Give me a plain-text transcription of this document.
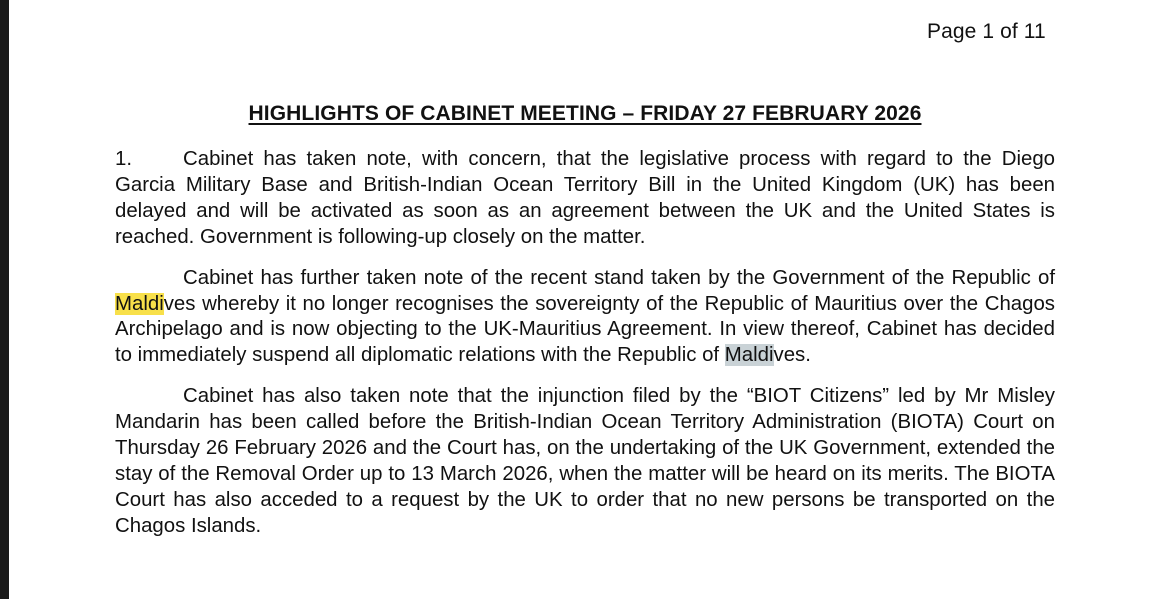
Page 1 of 11
HIGHLIGHTS OF CABINET MEETING – FRIDAY 27 FEBRUARY 2026

1. Cabinet has taken note, with concern, that the legislative process with regard to the Diego Garcia Military Base and British-Indian Ocean Territory Bill in the United Kingdom (UK) has been delayed and will be activated as soon as an agreement between the UK and the United States is reached. Government is following-up closely on the matter.

Cabinet has further taken note of the recent stand taken by the Government of the Republic of Maldives whereby it no longer recognises the sovereignty of the Republic of Mauritius over the Chagos Archipelago and is now objecting to the UK-Mauritius Agreement. In view thereof, Cabinet has decided to immediately suspend all diplomatic relations with the Republic of Maldives.

Cabinet has also taken note that the injunction filed by the “BIOT Citizens” led by Mr Misley Mandarin has been called before the British-Indian Ocean Territory Administration (BIOTA) Court on Thursday 26 February 2026 and the Court has, on the undertaking of the UK Government, extended the stay of the Removal Order up to 13 March 2026, when the matter will be heard on its merits. The BIOTA Court has also acceded to a request by the UK to order that no new persons be transported on the Chagos Islands.
